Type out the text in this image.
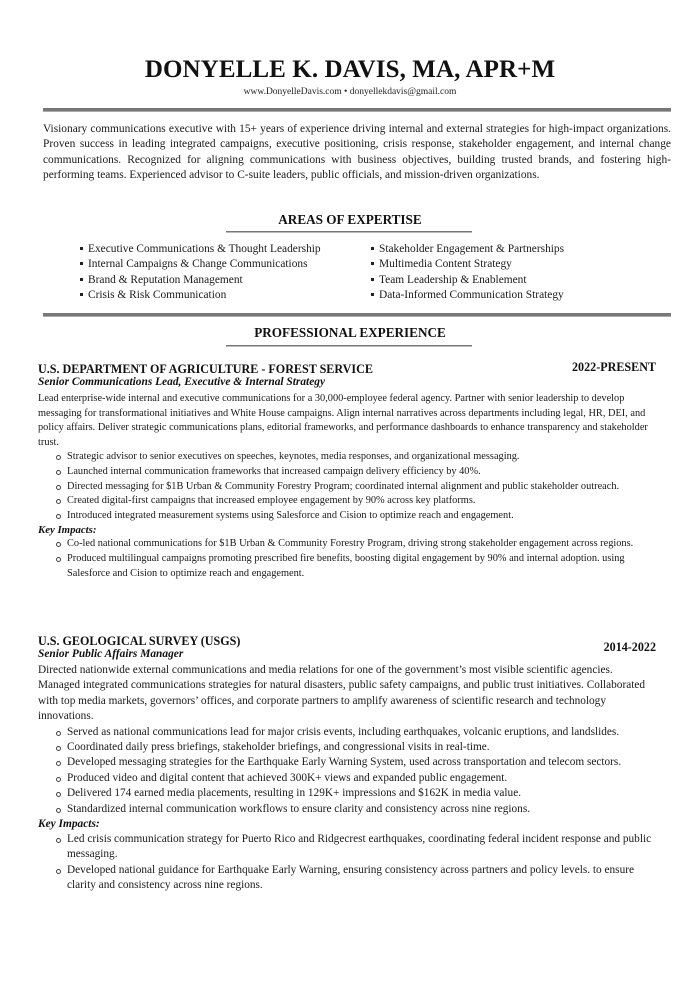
DONYELLE K. DAVIS, MA, APR+M
www.DonyelleDavis.com • donyellekdavis@gmail.com
Visionary communications executive with 15+ years of experience driving internal and external strategies for high-impact organizations. Proven success in leading integrated campaigns, executive positioning, crisis response, stakeholder engagement, and internal change communications. Recognized for aligning communications with business objectives, building trusted brands, and fostering high-performing teams. Experienced advisor to C-suite leaders, public officials, and mission-driven organizations.
AREAS OF EXPERTISE
Executive Communications & Thought Leadership
Internal Campaigns & Change Communications
Brand & Reputation Management
Crisis & Risk Communication
Stakeholder Engagement & Partnerships
Multimedia Content Strategy
Team Leadership & Enablement
Data-Informed Communication Strategy
PROFESSIONAL EXPERIENCE
U.S. DEPARTMENT OF AGRICULTURE - FOREST SERVICE	2022-PRESENT
Senior Communications Lead, Executive & Internal Strategy

Lead enterprise-wide internal and executive communications for a 30,000-employee federal agency. Partner with senior leadership to develop messaging for transformational initiatives and White House campaigns. Align internal narratives across departments including legal, HR, DEI, and policy affairs. Deliver strategic communications plans, editorial frameworks, and performance dashboards to enhance transparency and stakeholder trust.

Strategic advisor to senior executives on speeches, keynotes, media responses, and organizational messaging.
Launched internal communication frameworks that increased campaign delivery efficiency by 40%.
Directed messaging for $1B Urban & Community Forestry Program; coordinated internal alignment and public stakeholder outreach.
Created digital-first campaigns that increased employee engagement by 90% across key platforms.
Introduced integrated measurement systems using Salesforce and Cision to optimize reach and engagement.
Key Impacts:
Co-led national communications for $1B Urban & Community Forestry Program, driving strong stakeholder engagement across regions.
Produced multilingual campaigns promoting prescribed fire benefits, boosting digital engagement by 90% and internal adoption. using Salesforce and Cision to optimize reach and engagement.
U.S. GEOLOGICAL SURVEY (USGS)	2014-2022
Senior Public Affairs Manager

Directed nationwide external communications and media relations for one of the government’s most visible scientific agencies. Managed integrated communications strategies for natural disasters, public safety campaigns, and public trust initiatives. Collaborated with top media markets, governors’ offices, and corporate partners to amplify awareness of scientific research and technology innovations.

Served as national communications lead for major crisis events, including earthquakes, volcanic eruptions, and landslides.
Coordinated daily press briefings, stakeholder briefings, and congressional visits in real-time.
Developed messaging strategies for the Earthquake Early Warning System, used across transportation and telecom sectors.
Produced video and digital content that achieved 300K+ views and expanded public engagement.
Delivered 174 earned media placements, resulting in 129K+ impressions and $162K in media value.
Standardized internal communication workflows to ensure clarity and consistency across nine regions.
Key Impacts:
Led crisis communication strategy for Puerto Rico and Ridgecrest earthquakes, coordinating federal incident response and public messaging.
Developed national guidance for Earthquake Early Warning, ensuring consistency across partners and policy levels. to ensure clarity and consistency across nine regions.
